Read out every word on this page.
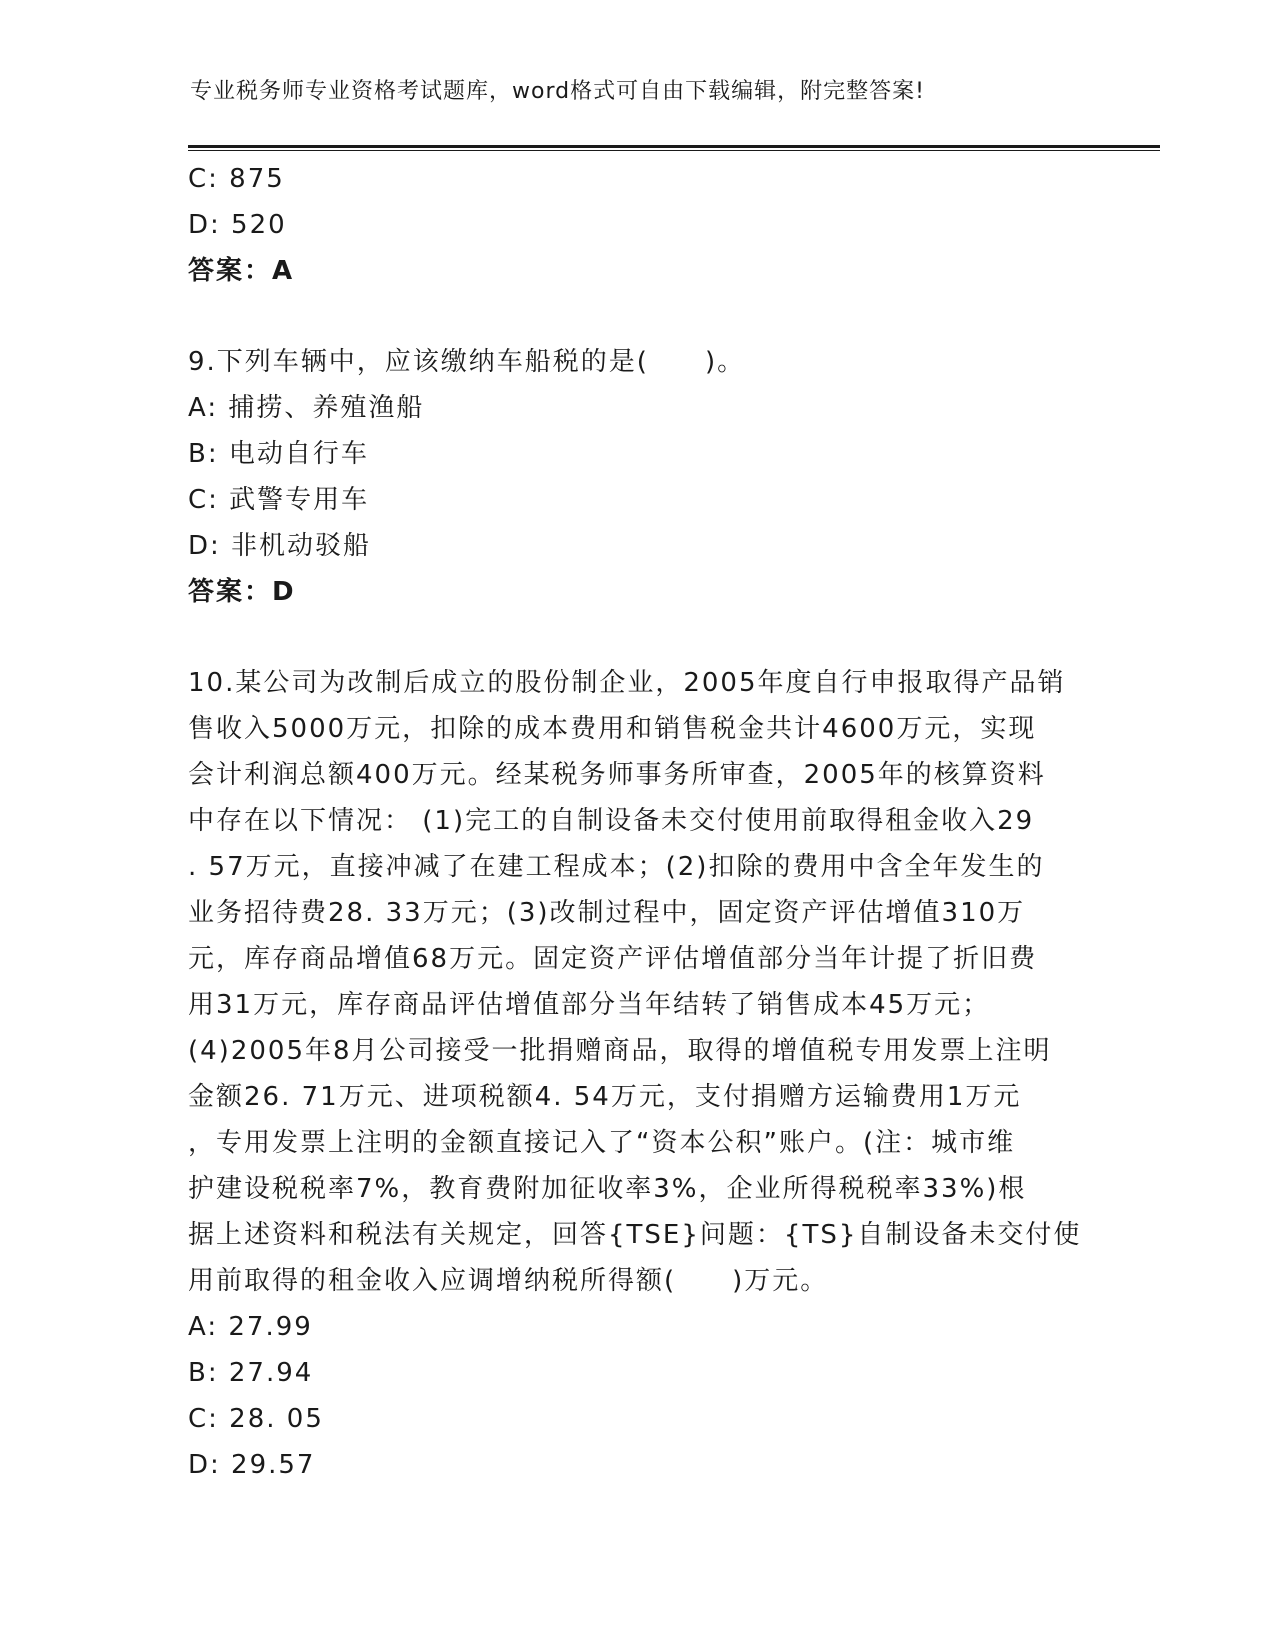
专业税务师专业资格考试题库，word格式可自由下载编辑，附完整答案!
C: 875
D: 520
答案：A
9.下列车辆中，应该缴纳车船税的是(　　)。
A: 捕捞、养殖渔船
B: 电动自行车
C: 武警专用车
D: 非机动驳船
答案：D
10.某公司为改制后成立的股份制企业，2005年度自行申报取得产品销
售收入5000万元，扣除的成本费用和销售税金共计4600万元，实现
会计利润总额400万元。经某税务师事务所审查，2005年的核算资料
中存在以下情况： (1)完工的自制设备未交付使用前取得租金收入29
. 57万元，直接冲减了在建工程成本；(2)扣除的费用中含全年发生的
业务招待费28. 33万元；(3)改制过程中，固定资产评估增值310万
元，库存商品增值68万元。固定资产评估增值部分当年计提了折旧费
用31万元，库存商品评估增值部分当年结转了销售成本45万元；
(4)2005年8月公司接受一批捐赠商品，取得的增值税专用发票上注明
金额26. 71万元、进项税额4. 54万元，支付捐赠方运输费用1万元
，专用发票上注明的金额直接记入了“资本公积”账户。(注：城市维
护建设税税率7%，教育费附加征收率3%，企业所得税税率33%)根
据上述资料和税法有关规定，回答{TSE}问题：{TS}自制设备未交付使
用前取得的租金收入应调增纳税所得额(　　)万元。
A: 27.99
B: 27.94
C: 28. 05
D: 29.57
